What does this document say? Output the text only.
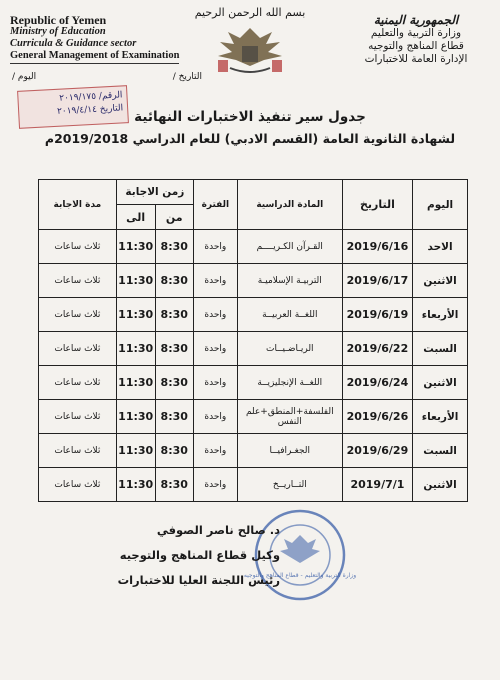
بسم الله الرحمن الرحيم
Republic of Yemen
Ministry of Education
Curricula & Guidance sector
General Management of Examination
التاريخ /
اليوم /
الجمهورية اليمنية
وزارة التربية والتعليم
قطاع المناهج والتوجيه
الإدارة العامة للاختبارات
الرقم/ ٢٠١٩/١٧٥
التاريخ ٢٠١٩/٤/١٤ جدول سير تنفيذ الاختبارات النهائية
لشهادة الثانوية العامة (القسم الادبي) للعام الدراسي 2019/2018م
اليوم	التاريخ	المادة الدراسية	الفترة	زمن الاجابة		مدة الاجابة
				من	الى	
الاحد	2019/6/16	القـرآن الكـريــــم	واحدة	8:30	11:30	ثلاث ساعات
الاثنين	2019/6/17	التربيـة الإسلاميـة	واحدة	8:30	11:30	ثلاث ساعات
الأربعاء	2019/6/19	اللغــة العربيــة	واحدة	8:30	11:30	ثلاث ساعات
السبت	2019/6/22	الريـاضـيــات	واحدة	8:30	11:30	ثلاث ساعات
الاثنين	2019/6/24	اللغــة الإنجليزيــة	واحدة	8:30	11:30	ثلاث ساعات
الأربعاء	2019/6/26	الفلسفة+المنطق+علم النفس	واحدة	8:30	11:30	ثلاث ساعات
السبت	2019/6/29	الجغـرافيــا	واحدة	8:30	11:30	ثلاث ساعات
الاثنين	2019/7/1	التــاريــخ	واحدة	8:30	11:30	ثلاث ساعات
وزارة التربية والتعليم - قطاع المناهج والتوجيه
د. صالح ناصر الصوفي
وكيل قطاع المناهج والتوجيه
رئيس اللجنة العليا للاختبارات
